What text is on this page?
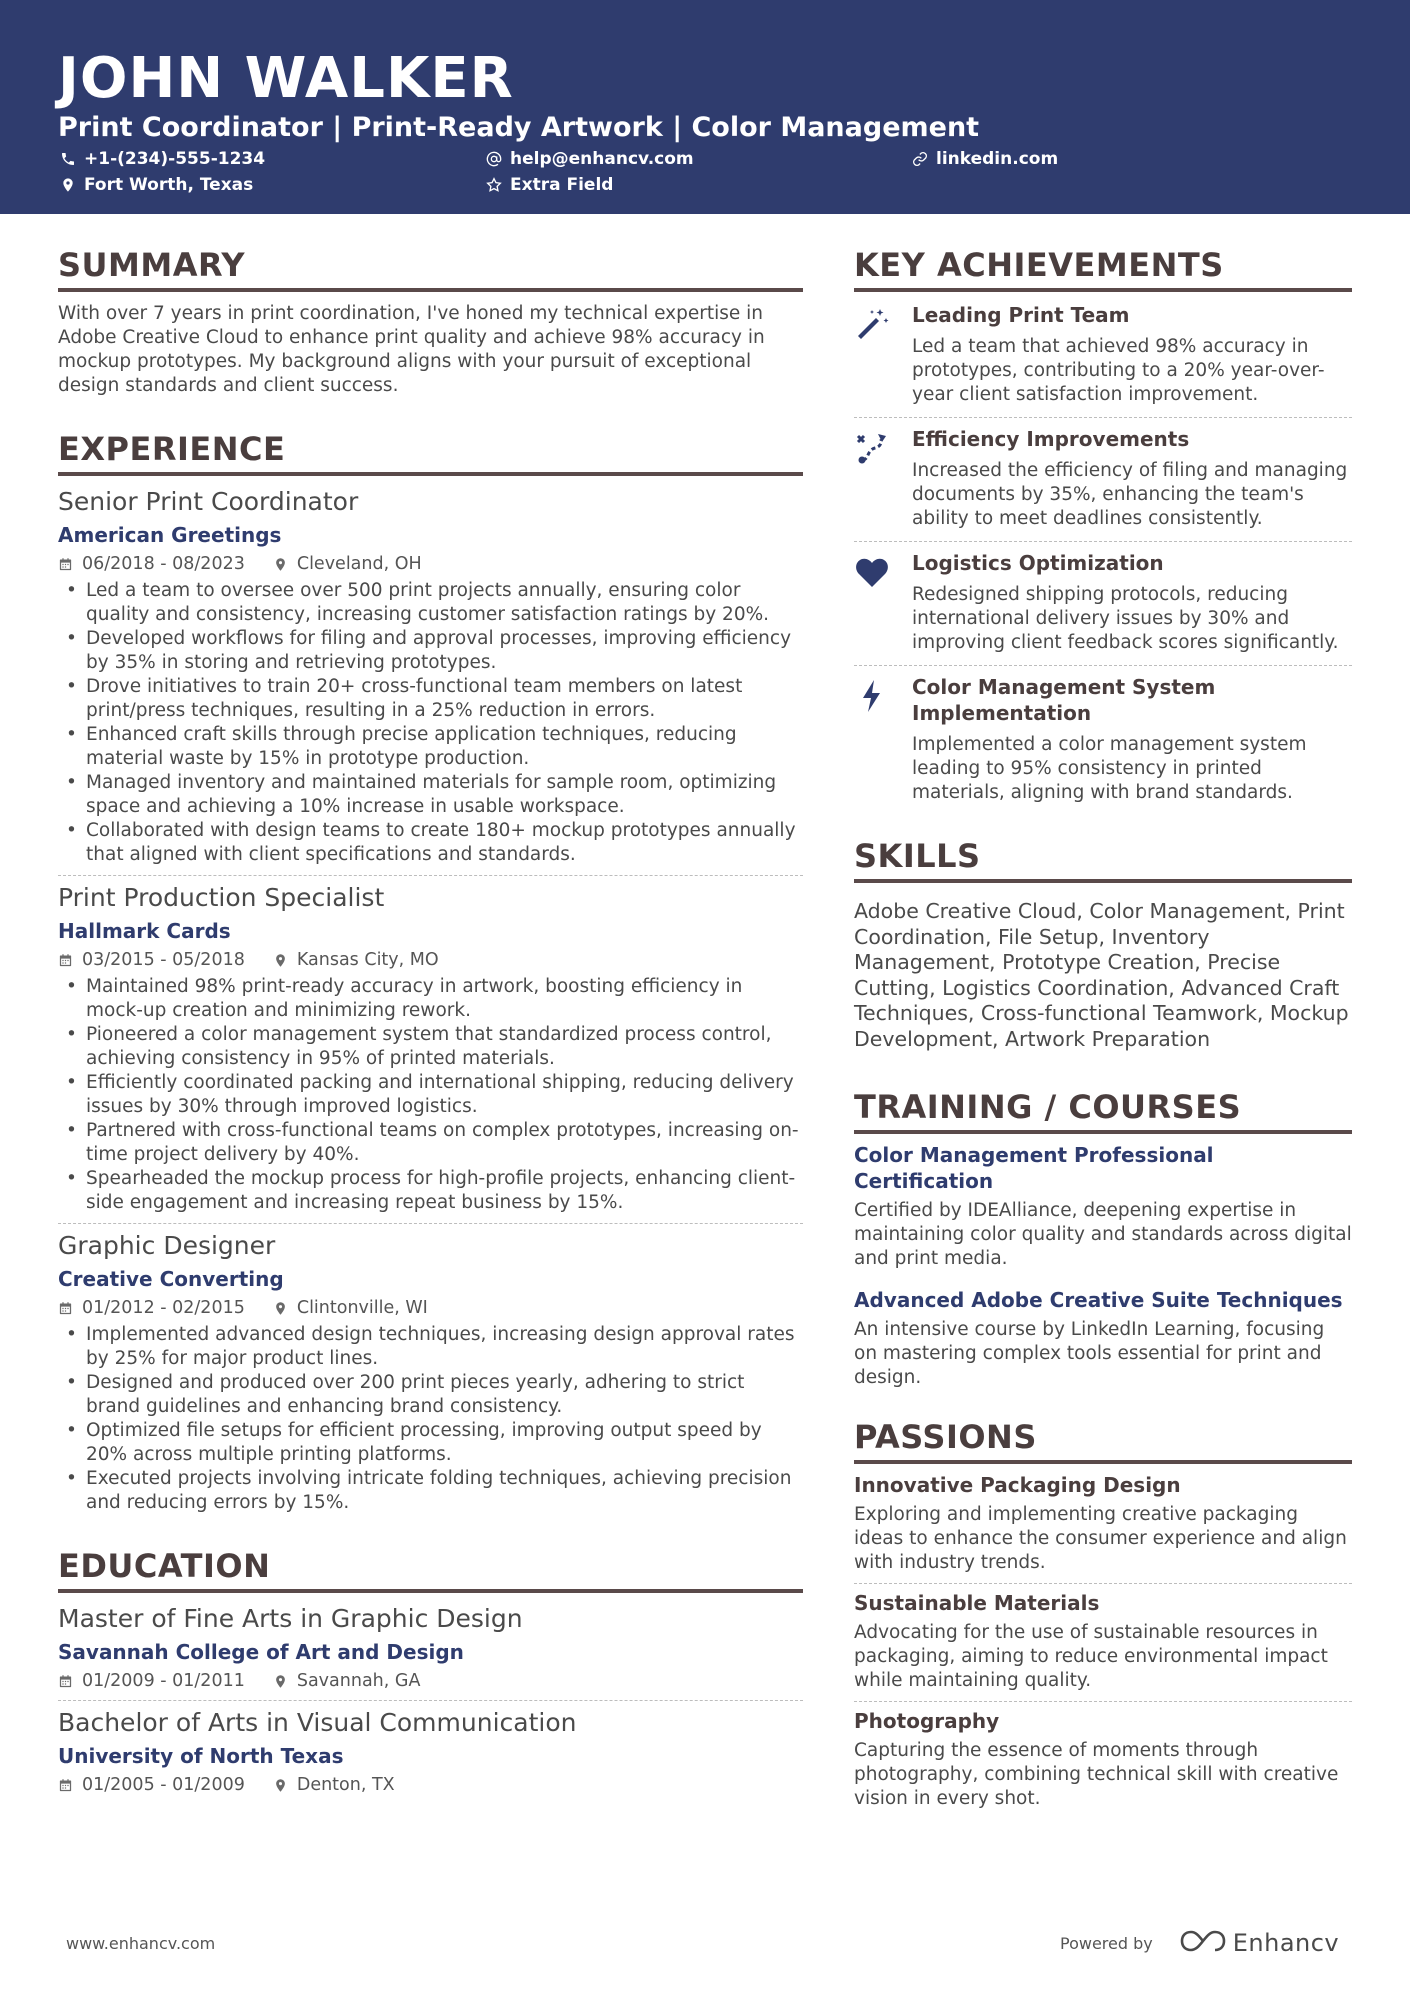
JOHN WALKER
Print Coordinator | Print-Ready Artwork | Color Management
+1-(234)-555-1234	help@enhancv.com	linkedin.com
Fort Worth, Texas	Extra Field
SUMMARY
With over 7 years in print coordination, I've honed my technical expertise in Adobe Creative Cloud to enhance print quality and achieve 98% accuracy in mockup prototypes. My background aligns with your pursuit of exceptional design standards and client success.
EXPERIENCE
Senior Print Coordinator
American Greetings
06/2018 - 08/2023	Cleveland, OH
• Led a team to oversee over 500 print projects annually, ensuring color quality and consistency, increasing customer satisfaction ratings by 20%.
• Developed workflows for filing and approval processes, improving efficiency by 35% in storing and retrieving prototypes.
• Drove initiatives to train 20+ cross-functional team members on latest print/press techniques, resulting in a 25% reduction in errors.
• Enhanced craft skills through precise application techniques, reducing material waste by 15% in prototype production.
• Managed inventory and maintained materials for sample room, optimizing space and achieving a 10% increase in usable workspace.
• Collaborated with design teams to create 180+ mockup prototypes annually that aligned with client specifications and standards.
Print Production Specialist
Hallmark Cards
03/2015 - 05/2018	Kansas City, MO
• Maintained 98% print-ready accuracy in artwork, boosting efficiency in mock-up creation and minimizing rework.
• Pioneered a color management system that standardized process control, achieving consistency in 95% of printed materials.
• Efficiently coordinated packing and international shipping, reducing delivery issues by 30% through improved logistics.
• Partnered with cross-functional teams on complex prototypes, increasing on-time project delivery by 40%.
• Spearheaded the mockup process for high-profile projects, enhancing client-side engagement and increasing repeat business by 15%.
Graphic Designer
Creative Converting
01/2012 - 02/2015	Clintonville, WI
• Implemented advanced design techniques, increasing design approval rates by 25% for major product lines.
• Designed and produced over 200 print pieces yearly, adhering to strict brand guidelines and enhancing brand consistency.
• Optimized file setups for efficient processing, improving output speed by 20% across multiple printing platforms.
• Executed projects involving intricate folding techniques, achieving precision and reducing errors by 15%.
EDUCATION
Master of Fine Arts in Graphic Design
Savannah College of Art and Design
01/2009 - 01/2011	Savannah, GA
Bachelor of Arts in Visual Communication
University of North Texas
01/2005 - 01/2009	Denton, TX
KEY ACHIEVEMENTS
Leading Print Team
Led a team that achieved 98% accuracy in prototypes, contributing to a 20% year-over-year client satisfaction improvement.
Efficiency Improvements
Increased the efficiency of filing and managing documents by 35%, enhancing the team's ability to meet deadlines consistently.
Logistics Optimization
Redesigned shipping protocols, reducing international delivery issues by 30% and improving client feedback scores significantly.
Color Management System Implementation
Implemented a color management system leading to 95% consistency in printed materials, aligning with brand standards.
SKILLS
Adobe Creative Cloud, Color Management, Print Coordination, File Setup, Inventory Management, Prototype Creation, Precise Cutting, Logistics Coordination, Advanced Craft Techniques, Cross-functional Teamwork, Mockup Development, Artwork Preparation
TRAINING / COURSES
Color Management Professional Certification
Certified by IDEAlliance, deepening expertise in maintaining color quality and standards across digital and print media.
Advanced Adobe Creative Suite Techniques
An intensive course by LinkedIn Learning, focusing on mastering complex tools essential for print and design.
PASSIONS
Innovative Packaging Design
Exploring and implementing creative packaging ideas to enhance the consumer experience and align with industry trends.
Sustainable Materials
Advocating for the use of sustainable resources in packaging, aiming to reduce environmental impact while maintaining quality.
Photography
Capturing the essence of moments through photography, combining technical skill with creative vision in every shot.
www.enhancv.com	Powered by	Enhancv
